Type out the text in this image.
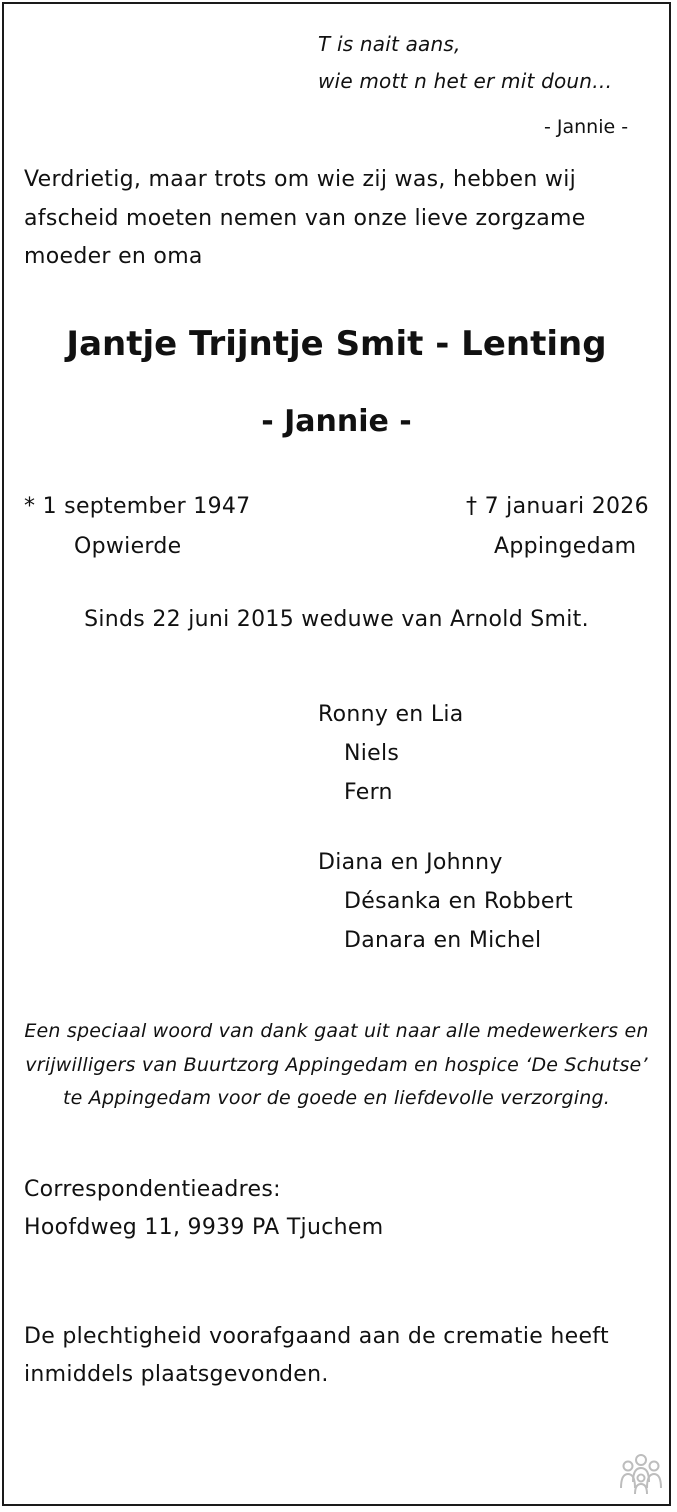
T is nait aans,
wie mott n het er mit doun…
- Jannie -
Verdrietig, maar trots om wie zij was, hebben wij
afscheid moeten nemen van onze lieve zorgzame
moeder en oma
Jantje Trijntje Smit - Lenting
- Jannie -
* 1 september 1947
Opwierde
† 7 januari 2026
Appingedam
Sinds 22 juni 2015 weduwe van Arnold Smit.
Ronny en Lia
Niels
Fern
Diana en Johnny
Désanka en Robbert
Danara en Michel
Een speciaal woord van dank gaat uit naar alle medewerkers en
vrijwilligers van Buurtzorg Appingedam en hospice ‘De Schutse’
te Appingedam voor de goede en liefdevolle verzorging.
Correspondentieadres:
Hoofdweg 11, 9939 PA Tjuchem
De plechtigheid voorafgaand aan de crematie heeft
inmiddels plaatsgevonden.
